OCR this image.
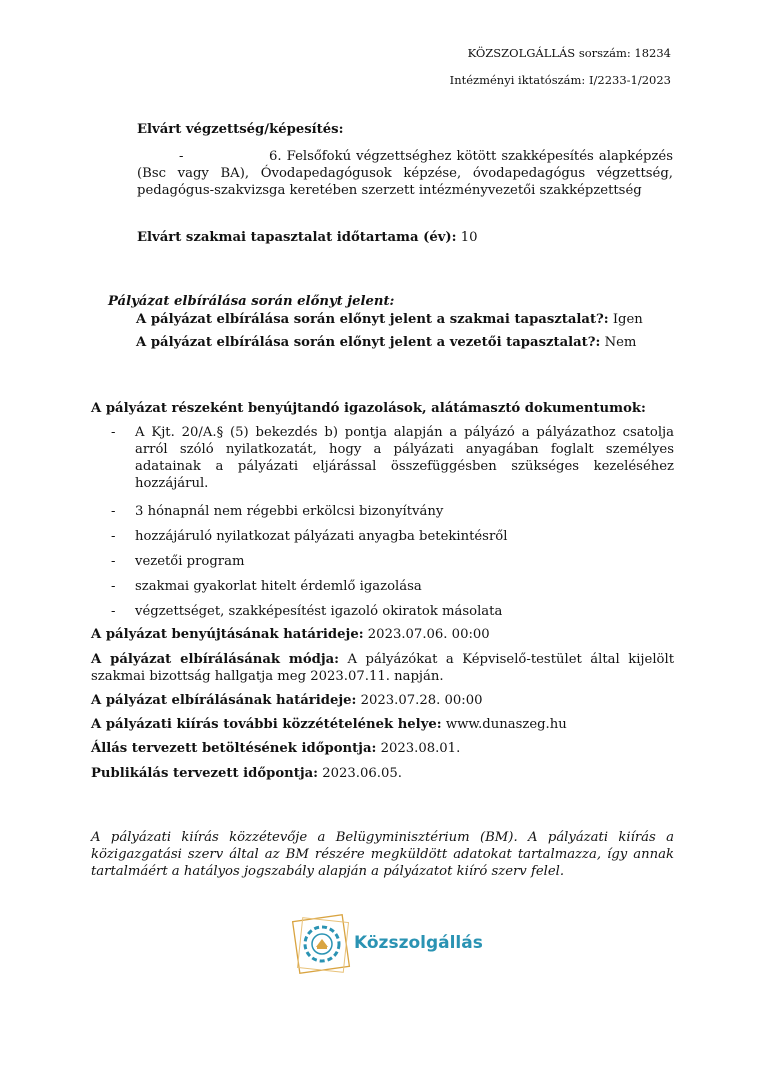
KÖZSZOLGÁLLÁS sorszám: 18234
Intézményi iktatószám: I/2233-1/2023
Elvárt végzettség/képesítés:
-	6. Felsőfokú végzettséghez kötött szakképesítés alapképzés (Bsc vagy BA), Óvodapedagógusok képzése, óvodapedagógus végzettség, pedagógus-szakvizsga keretében szerzett intézményvezetői szakképzettség
Elvárt szakmai tapasztalat időtartama (év): 10
Pályázat elbírálása során előnyt jelent:
A pályázat elbírálása során előnyt jelent a szakmai tapasztalat?: Igen
A pályázat elbírálása során előnyt jelent a vezetői tapasztalat?: Nem
A pályázat részeként benyújtandó igazolások, alátámasztó dokumentumok:
- A Kjt. 20/A.§ (5) bekezdés b) pontja alapján a pályázó a pályázathoz csatolja arról szóló nyilatkozatát, hogy a pályázati anyagában foglalt személyes adatainak a pályázati eljárással összefüggésben szükséges kezeléséhez hozzájárul.
- 3 hónapnál nem régebbi erkölcsi bizonyítvány
- hozzájáruló nyilatkozat pályázati anyagba betekintésről
- vezetői program
- szakmai gyakorlat hitelt érdemlő igazolása
- végzettséget, szakképesítést igazoló okiratok másolata
A pályázat benyújtásának határideje: 2023.07.06. 00:00
A pályázat elbírálásának módja: A pályázókat a Képviselő-testület által kijelölt szakmai bizottság hallgatja meg 2023.07.11. napján.
A pályázat elbírálásának határideje: 2023.07.28. 00:00
A pályázati kiírás további közzétételének helye: www.dunaszeg.hu
Állás tervezett betöltésének időpontja: 2023.08.01.
Publikálás tervezett időpontja: 2023.06.05.
A pályázati kiírás közzétevője a Belügyminisztérium (BM). A pályázati kiírás a közigazgatási szerv által az BM részére megküldött adatokat tartalmazza, így annak tartalmáért a hatályos jogszabály alapján a pályázatot kiíró szerv felel.
Közszolgállás
